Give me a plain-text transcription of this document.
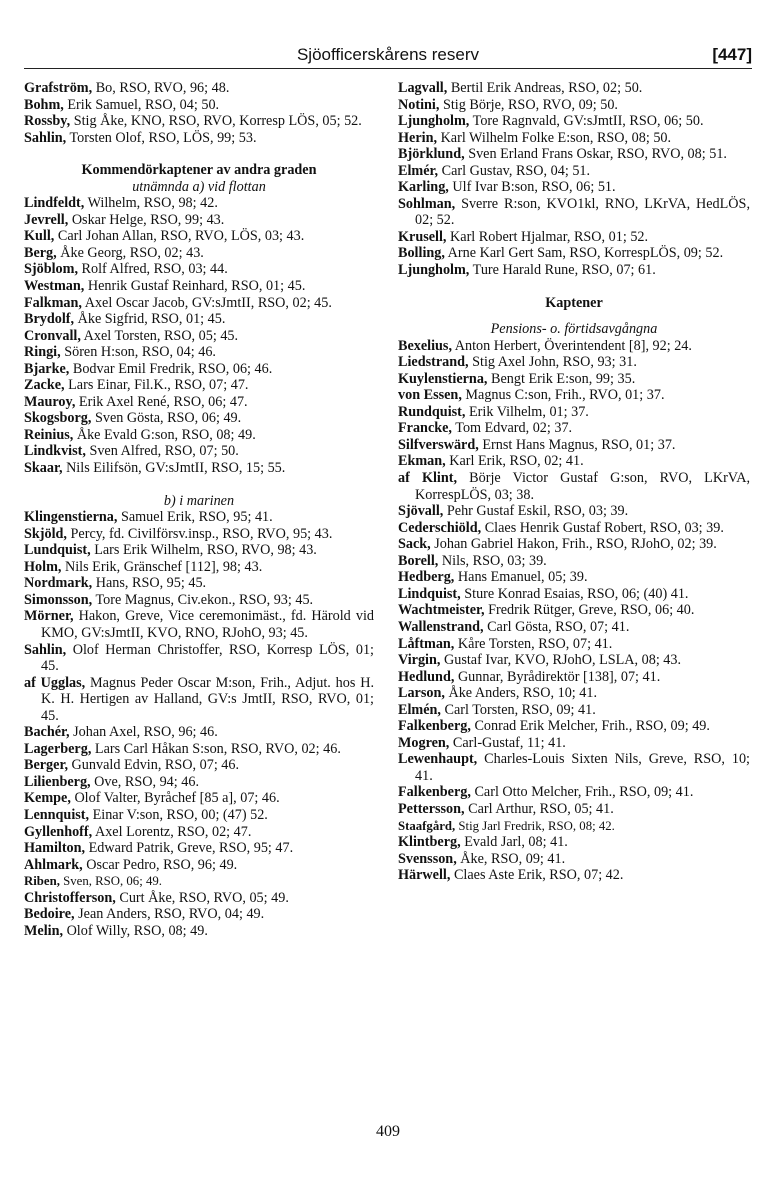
Sjöofficerskårens reserv	[447]
Grafström, Bo, RSO, RVO, 96; 48.
Bohm, Erik Samuel, RSO, 04; 50.
Rossby, Stig Åke, KNO, RSO, RVO, Korresp LÖS, 05; 52.
Sahlin, Torsten Olof, RSO, LÖS, 99; 53.
Kommendörkaptener av andra graden
utnämnda a) vid flottan
Lindfeldt, Wilhelm, RSO, 98; 42.
Jevrell, Oskar Helge, RSO, 99; 43.
Kull, Carl Johan Allan, RSO, RVO, LÖS, 03; 43.
Berg, Åke Georg, RSO, 02; 43.
Sjöblom, Rolf Alfred, RSO, 03; 44.
Westman, Henrik Gustaf Reinhard, RSO, 01; 45.
Falkman, Axel Oscar Jacob, GV:sJmtII, RSO, 02; 45.
Brydolf, Åke Sigfrid, RSO, 01; 45.
Cronvall, Axel Torsten, RSO, 05; 45.
Ringi, Sören H:son, RSO, 04; 46.
Bjarke, Bodvar Emil Fredrik, RSO, 06; 46.
Zacke, Lars Einar, Fil.K., RSO, 07; 47.
Mauroy, Erik Axel René, RSO, 06; 47.
Skogsborg, Sven Gösta, RSO, 06; 49.
Reinius, Åke Evald G:son, RSO, 08; 49.
Lindkvist, Sven Alfred, RSO, 07; 50.
Skaar, Nils Eilifsön, GV:sJmtII, RSO, 15; 55.
b) i marinen
Klingenstierna, Samuel Erik, RSO, 95; 41.
Skjöld, Percy, fd. Civilförsv.insp., RSO, RVO, 95; 43.
Lundquist, Lars Erik Wilhelm, RSO, RVO, 98; 43.
Holm, Nils Erik, Gränschef [112], 98; 43.
Nordmark, Hans, RSO, 95; 45.
Simonsson, Tore Magnus, Civ.ekon., RSO, 93; 45.
Mörner, Hakon, Greve, Vice ceremonimäst., fd. Härold vid KMO, GV:sJmtII, KVO, RNO, RJohO, 93; 45.
Sahlin, Olof Herman Christoffer, RSO, Korresp LÖS, 01; 45.
af Ugglas, Magnus Peder Oscar M:son, Frih., Adjut. hos H. K. H. Hertigen av Halland, GV:s JmtII, RSO, RVO, 01; 45.
Bachér, Johan Axel, RSO, 96; 46.
Lagerberg, Lars Carl Håkan S:son, RSO, RVO, 02; 46.
Berger, Gunvald Edvin, RSO, 07; 46.
Lilienberg, Ove, RSO, 94; 46.
Kempe, Olof Valter, Byråchef [85 a], 07; 46.
Lennquist, Einar V:son, RSO, 00; (47) 52.
Gyllenhoff, Axel Lorentz, RSO, 02; 47.
Hamilton, Edward Patrik, Greve, RSO, 95; 47.
Ahlmark, Oscar Pedro, RSO, 96; 49.
Riben, Sven, RSO, 06; 49.
Christofferson, Curt Åke, RSO, RVO, 05; 49.
Bedoire, Jean Anders, RSO, RVO, 04; 49.
Melin, Olof Willy, RSO, 08; 49.
Lagvall, Bertil Erik Andreas, RSO, 02; 50.
Notini, Stig Börje, RSO, RVO, 09; 50.
Ljungholm, Tore Ragnvald, GV:sJmtII, RSO, 06; 50.
Herin, Karl Wilhelm Folke E:son, RSO, 08; 50.
Björklund, Sven Erland Frans Oskar, RSO, RVO, 08; 51.
Elmér, Carl Gustav, RSO, 04; 51.
Karling, Ulf Ivar B:son, RSO, 06; 51.
Sohlman, Sverre R:son, KVO1kl, RNO, LKrVA, HedLÖS, 02; 52.
Krusell, Karl Robert Hjalmar, RSO, 01; 52.
Bolling, Arne Karl Gert Sam, RSO, KorrespLÖS, 09; 52.
Ljungholm, Ture Harald Rune, RSO, 07; 61.
Kaptener
Pensions- o. förtidsavgångna
Bexelius, Anton Herbert, Överintendent [8], 92; 24.
Liedstrand, Stig Axel John, RSO, 93; 31.
Kuylenstierna, Bengt Erik E:son, 99; 35.
von Essen, Magnus C:son, Frih., RVO, 01; 37.
Rundquist, Erik Vilhelm, 01; 37.
Francke, Tom Edvard, 02; 37.
Silfverswärd, Ernst Hans Magnus, RSO, 01; 37.
Ekman, Karl Erik, RSO, 02; 41.
af Klint, Börje Victor Gustaf G:son, RVO, LKrVA, KorrespLÖS, 03; 38.
Sjövall, Pehr Gustaf Eskil, RSO, 03; 39.
Cederschiöld, Claes Henrik Gustaf Robert, RSO, 03; 39.
Sack, Johan Gabriel Hakon, Frih., RSO, RJohO, 02; 39.
Borell, Nils, RSO, 03; 39.
Hedberg, Hans Emanuel, 05; 39.
Lindquist, Sture Konrad Esaias, RSO, 06; (40) 41.
Wachtmeister, Fredrik Rütger, Greve, RSO, 06; 40.
Wallenstrand, Carl Gösta, RSO, 07; 41.
Låftman, Kåre Torsten, RSO, 07; 41.
Virgin, Gustaf Ivar, KVO, RJohO, LSLA, 08; 43.
Hedlund, Gunnar, Byrådirektör [138], 07; 41.
Larson, Åke Anders, RSO, 10; 41.
Elmén, Carl Torsten, RSO, 09; 41.
Falkenberg, Conrad Erik Melcher, Frih., RSO, 09; 49.
Mogren, Carl-Gustaf, 11; 41.
Lewenhaupt, Charles-Louis Sixten Nils, Greve, RSO, 10; 41.
Falkenberg, Carl Otto Melcher, Frih., RSO, 09; 41.
Pettersson, Carl Arthur, RSO, 05; 41.
Staafgård, Stig Jarl Fredrik, RSO, 08; 42.
Klintberg, Evald Jarl, 08; 41.
Svensson, Åke, RSO, 09; 41.
Härwell, Claes Aste Erik, RSO, 07; 42.
409
